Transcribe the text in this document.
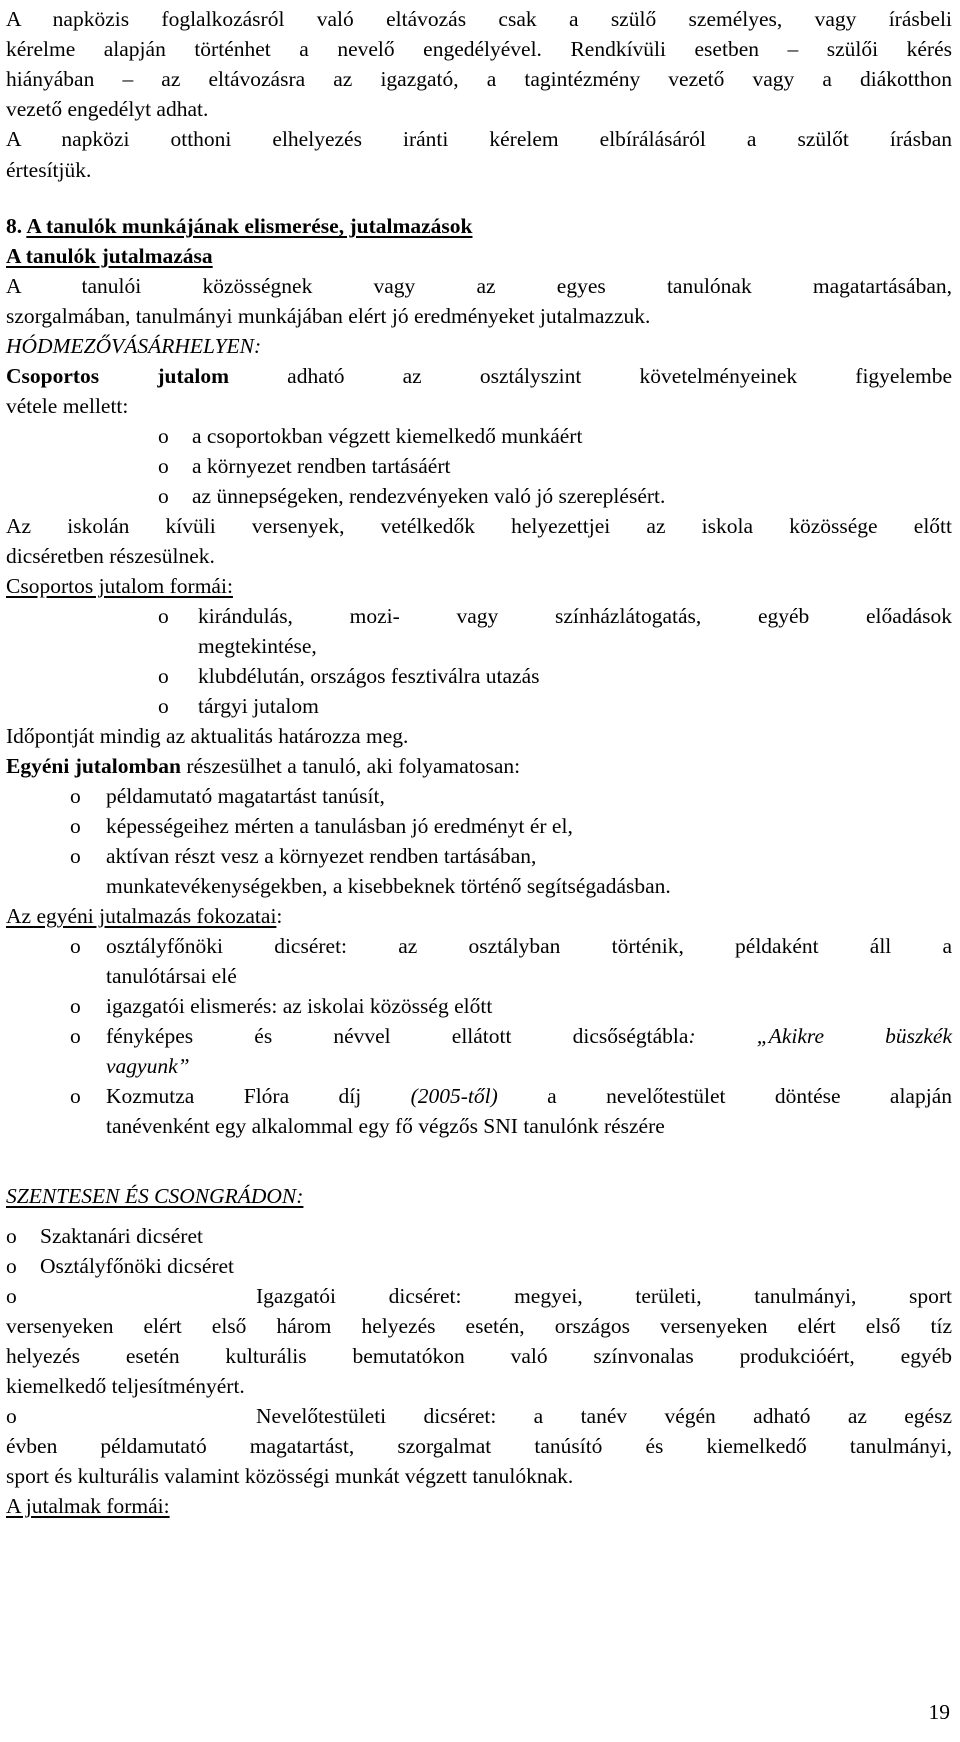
A napközis foglalkozásról való eltávozás csak a szülő személyes, vagy írásbeli
kérelme alapján történhet a nevelő engedélyével. Rendkívüli esetben – szülői kérés
hiányában – az eltávozásra az igazgató, a tagintézmény vezető vagy a diákotthon
vezető engedélyt adhat.
A napközi otthoni elhelyezés iránti kérelem elbírálásáról a szülőt írásban
értesítjük.
8. A tanulók munkájának elismerése, jutalmazások
A tanulók jutalmazása
A tanulói közösségnek vagy az egyes tanulónak magatartásában,
szorgalmában, tanulmányi munkájában elért jó eredményeket jutalmazzuk.
HÓDMEZŐVÁSÁRHELYEN:
Csoportos jutalom adható az osztályszint követelményeinek figyelembe
vétele mellett:
o a csoportokban végzett kiemelkedő munkáért
o a környezet rendben tartásáért
o az ünnepségeken, rendezvényeken való jó szereplésért.
Az iskolán kívüli versenyek, vetélkedők helyezettjei az iskola közössége előtt
dicséretben részesülnek.
Csoportos jutalom formái:
o kirándulás, mozi- vagy színházlátogatás, egyéb előadások
megtekintése,
o klubdélután, országos fesztiválra utazás
o tárgyi jutalom
Időpontját mindig az aktualitás határozza meg.
Egyéni jutalomban részesülhet a tanuló, aki folyamatosan:
o példamutató magatartást tanúsít,
o képességeihez mérten a tanulásban jó eredményt ér el,
o aktívan részt vesz a környezet rendben tartásában,
munkatevékenységekben, a kisebbeknek történő segítségadásban.
Az egyéni jutalmazás fokozatai:
o osztályfőnöki dicséret: az osztályban történik, példaként áll a
tanulótársai elé
o igazgatói elismerés: az iskolai közösség előtt
o fényképes és névvel ellátott dicsőségtábla: „Akikre büszkék
vagyunk”
o Kozmutza Flóra díj (2005-től) a nevelőtestület döntése alapján
tanévenként egy alkalommal egy fő végzős SNI tanulónk részére
SZENTESEN ÉS CSONGRÁDON:
o Szaktanári dicséret
o Osztályfőnöki dicséret
o	Igazgatói dicséret: megyei, területi, tanulmányi, sport
versenyeken elért első három helyezés esetén, országos versenyeken elért első tíz
helyezés esetén kulturális bemutatókon való színvonalas produkcióért, egyéb
kiemelkedő teljesítményért.
o	Nevelőtestületi dicséret: a tanév végén adható az egész
évben példamutató magatartást, szorgalmat tanúsító és kiemelkedő tanulmányi,
sport és kulturális valamint közösségi munkát végzett tanulóknak.
A jutalmak formái:
19
